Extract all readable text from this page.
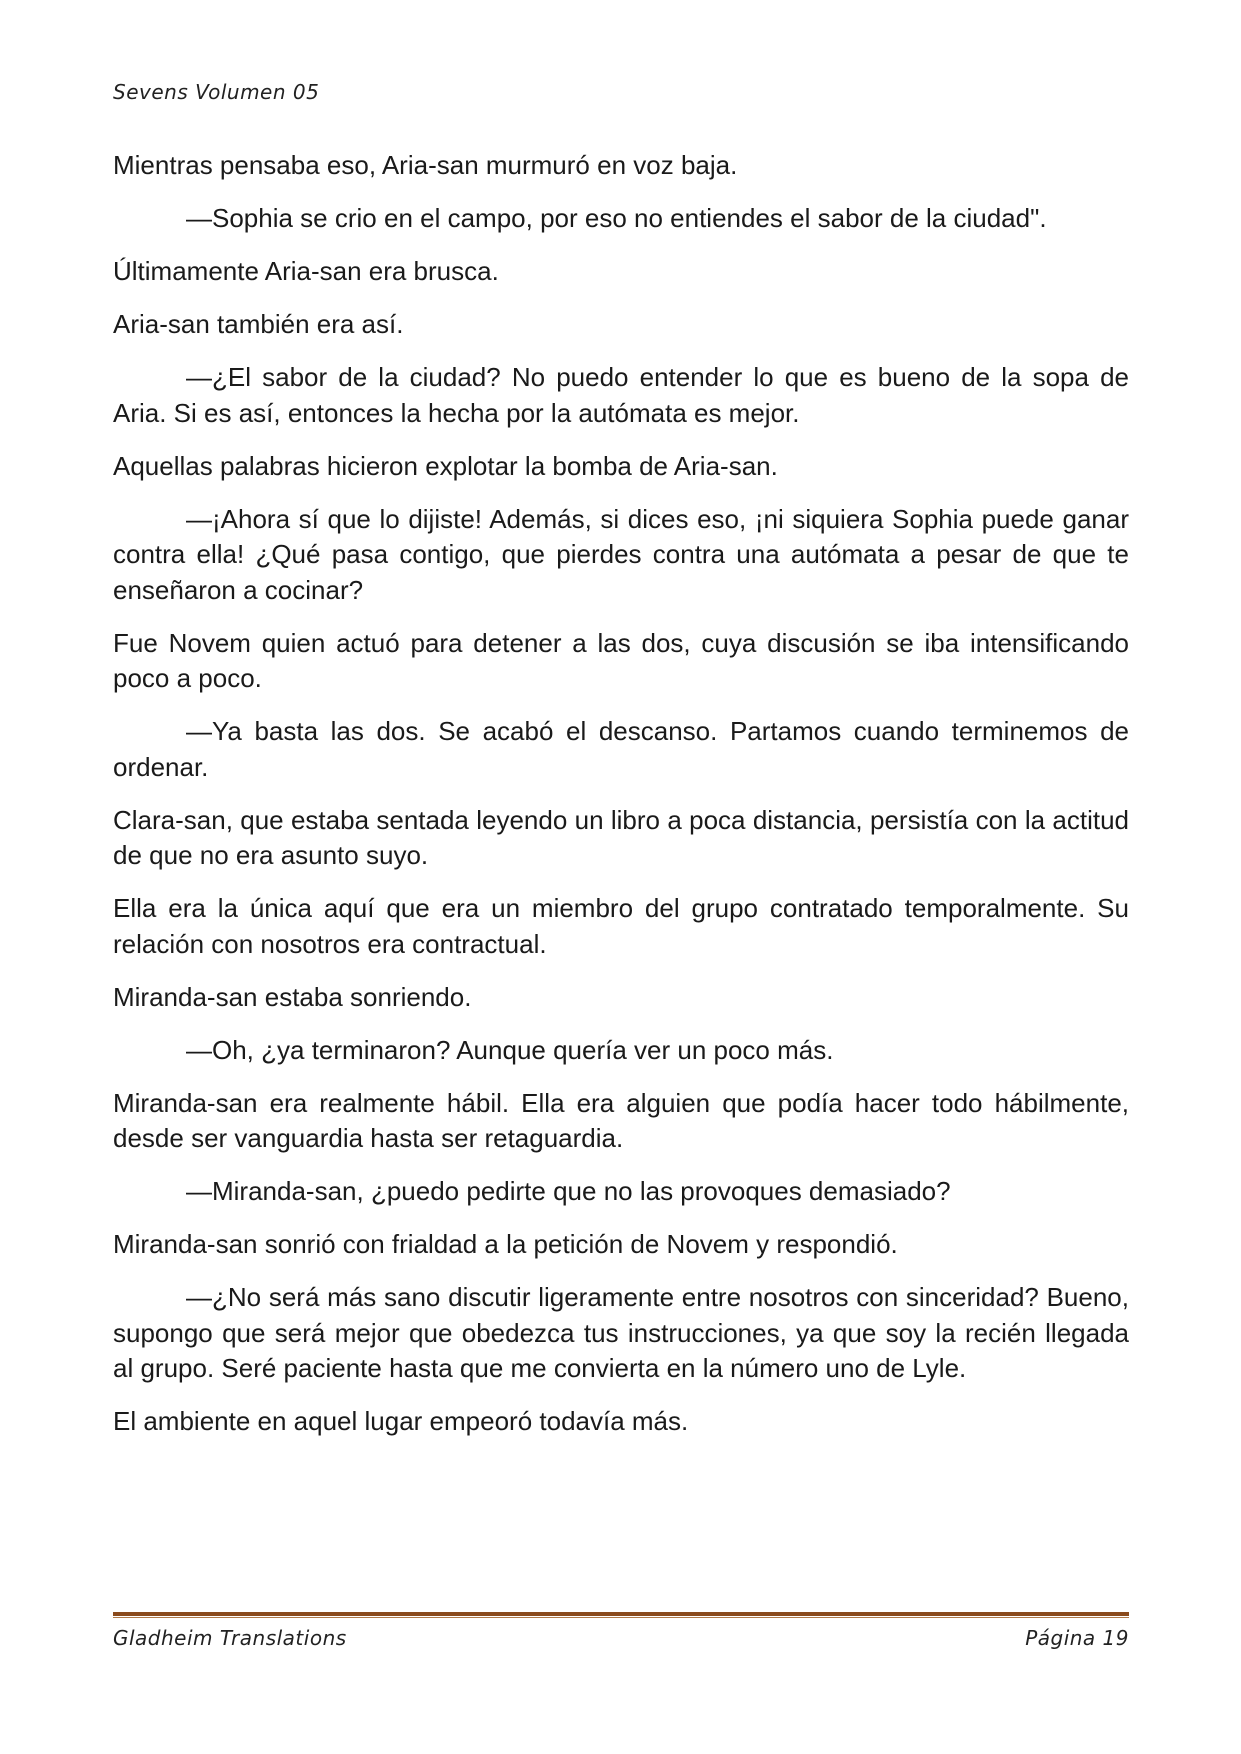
Sevens Volumen 05

Mientras pensaba eso, Aria-san murmuró en voz baja.

—Sophia se crio en el campo, por eso no entiendes el sabor de la ciudad".

Últimamente Aria-san era brusca.

Aria-san también era así.

—¿El sabor de la ciudad? No puedo entender lo que es bueno de la sopa de Aria. Si es así, entonces la hecha por la autómata es mejor.

Aquellas palabras hicieron explotar la bomba de Aria-san.

—¡Ahora sí que lo dijiste! Además, si dices eso, ¡ni siquiera Sophia puede ganar contra ella! ¿Qué pasa contigo, que pierdes contra una autómata a pesar de que te enseñaron a cocinar?

Fue Novem quien actuó para detener a las dos, cuya discusión se iba intensificando poco a poco.

—Ya basta las dos. Se acabó el descanso. Partamos cuando terminemos de ordenar.

Clara-san, que estaba sentada leyendo un libro a poca distancia, persistía con la actitud de que no era asunto suyo.

Ella era la única aquí que era un miembro del grupo contratado temporalmente. Su relación con nosotros era contractual.

Miranda-san estaba sonriendo.

—Oh, ¿ya terminaron? Aunque quería ver un poco más.

Miranda-san era realmente hábil. Ella era alguien que podía hacer todo hábilmente, desde ser vanguardia hasta ser retaguardia.

—Miranda-san, ¿puedo pedirte que no las provoques demasiado?

Miranda-san sonrió con frialdad a la petición de Novem y respondió.

—¿No será más sano discutir ligeramente entre nosotros con sinceridad? Bueno, supongo que será mejor que obedezca tus instrucciones, ya que soy la recién llegada al grupo. Seré paciente hasta que me convierta en la número uno de Lyle.

El ambiente en aquel lugar empeoró todavía más.

Gladheim Translations	Página 19
